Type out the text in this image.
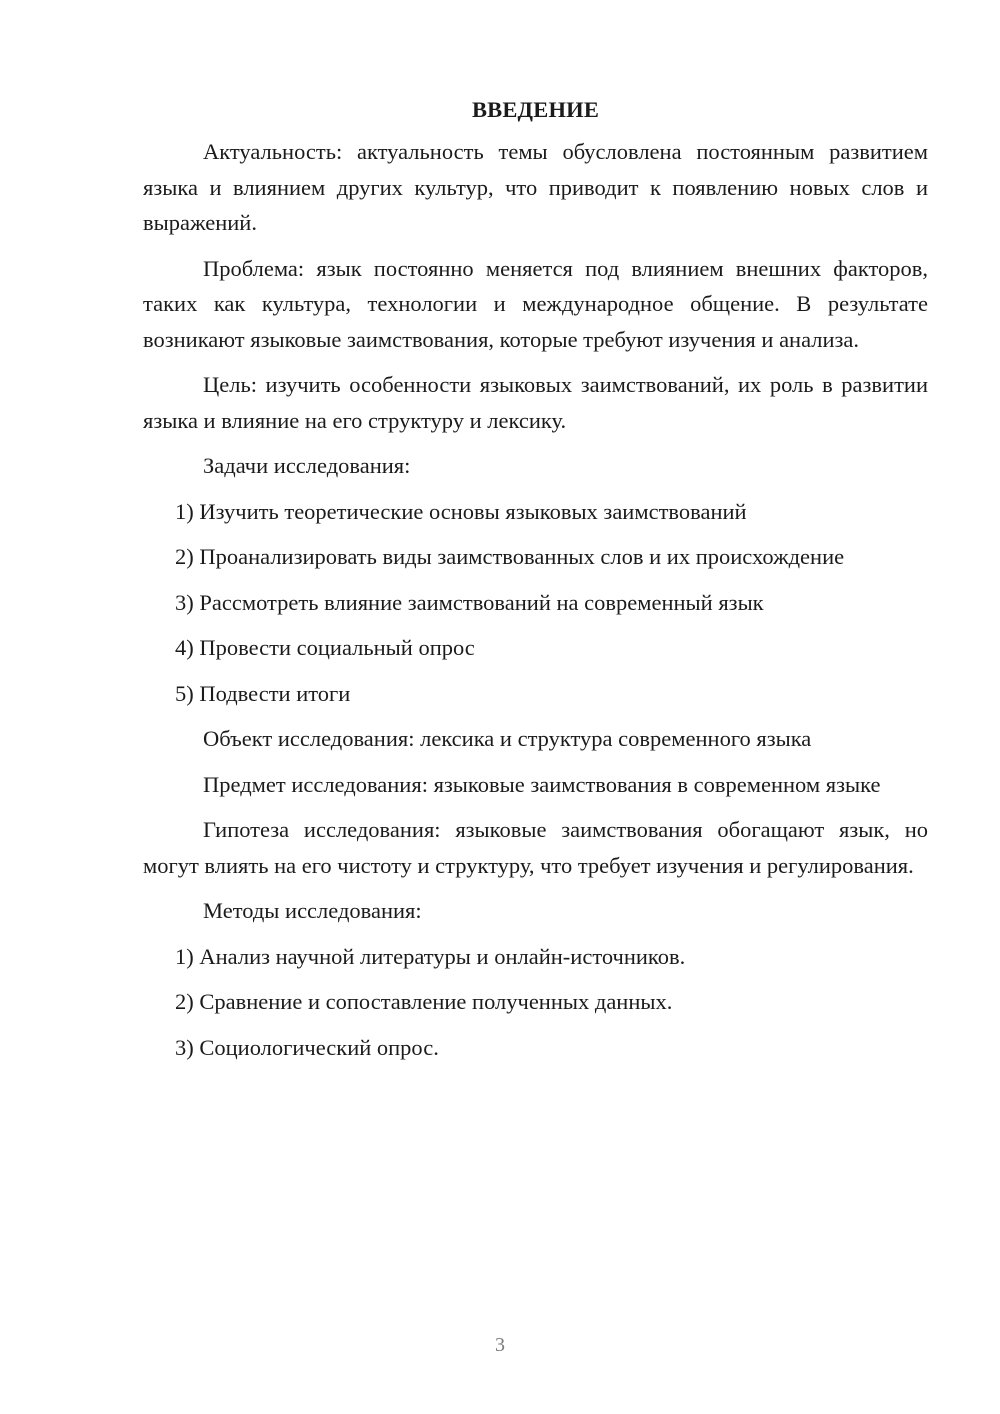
ВВЕДЕНИЕ

Актуальность: актуальность темы обусловлена постоянным развитием языка и влиянием других культур, что приводит к появлению новых слов и выражений.

Проблема: язык постоянно меняется под влиянием внешних факторов, таких как культура, технологии и международное общение. В результате возникают языковые заимствования, которые требуют изучения и анализа.

Цель: изучить особенности языковых заимствований, их роль в развитии языка и влияние на его структуру и лексику.

Задачи исследования:

1) Изучить теоретические основы языковых заимствований
2) Проанализировать виды заимствованных слов и их происхождение
3) Рассмотреть влияние заимствований на современный язык
4) Провести социальный опрос
5) Подвести итоги

Объект исследования: лексика и структура современного языка

Предмет исследования: языковые заимствования в современном языке

Гипотеза исследования: языковые заимствования обогащают язык, но могут влиять на его чистоту и структуру, что требует изучения и регулирования.

Методы исследования:

1) Анализ научной литературы и онлайн-источников.
2) Сравнение и сопоставление полученных данных.
3) Социологический опрос.
3
